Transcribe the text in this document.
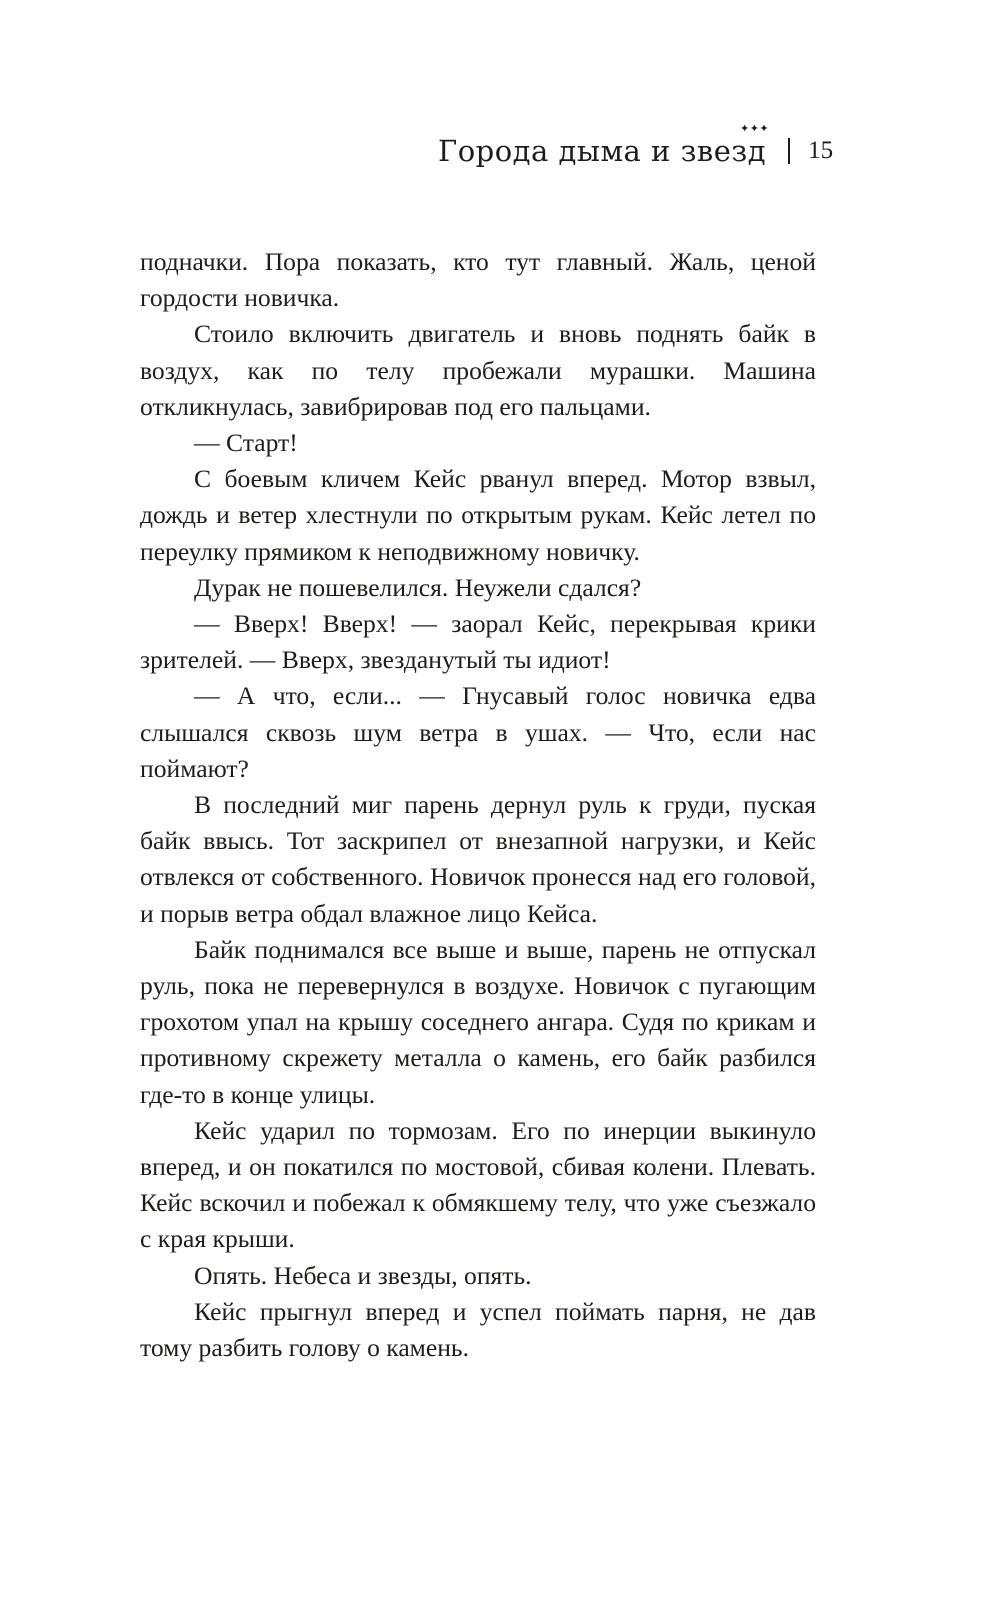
Города дыма и звезд
✦✦✦
15

подначки. Пора показать, кто тут главный. Жаль, ценой гордости новичка.

Стоило включить двигатель и вновь поднять байк в воздух, как по телу пробежали мурашки. Машина откликнулась, завибрировав под его пальцами.

— Старт!

С боевым кличем Кейс рванул вперед. Мотор взвыл, дождь и ветер хлестнули по открытым рукам. Кейс летел по переулку прямиком к неподвижному новичку.

Дурак не пошевелился. Неужели сдался?

— Вверх! Вверх! — заорал Кейс, перекрывая крики зрителей. — Вверх, звезданутый ты идиот!

— А что, если... — Гнусавый голос новичка едва слышался сквозь шум ветра в ушах. — Что, если нас поймают?

В последний миг парень дернул руль к груди, пуская байк ввысь. Тот заскрипел от внезапной нагрузки, и Кейс отвлекся от собственного. Новичок пронесся над его головой, и порыв ветра обдал влажное лицо Кейса.

Байк поднимался все выше и выше, парень не отпускал руль, пока не перевернулся в воздухе. Новичок с пугающим грохотом упал на крышу соседнего ангара. Судя по крикам и противному скрежету металла о камень, его байк разбился где-то в конце улицы.

Кейс ударил по тормозам. Его по инерции выкинуло вперед, и он покатился по мостовой, сбивая колени. Плевать. Кейс вскочил и побежал к обмякшему телу, что уже съезжало с края крыши.

Опять. Небеса и звезды, опять.

Кейс прыгнул вперед и успел поймать парня, не дав тому разбить голову о камень.
